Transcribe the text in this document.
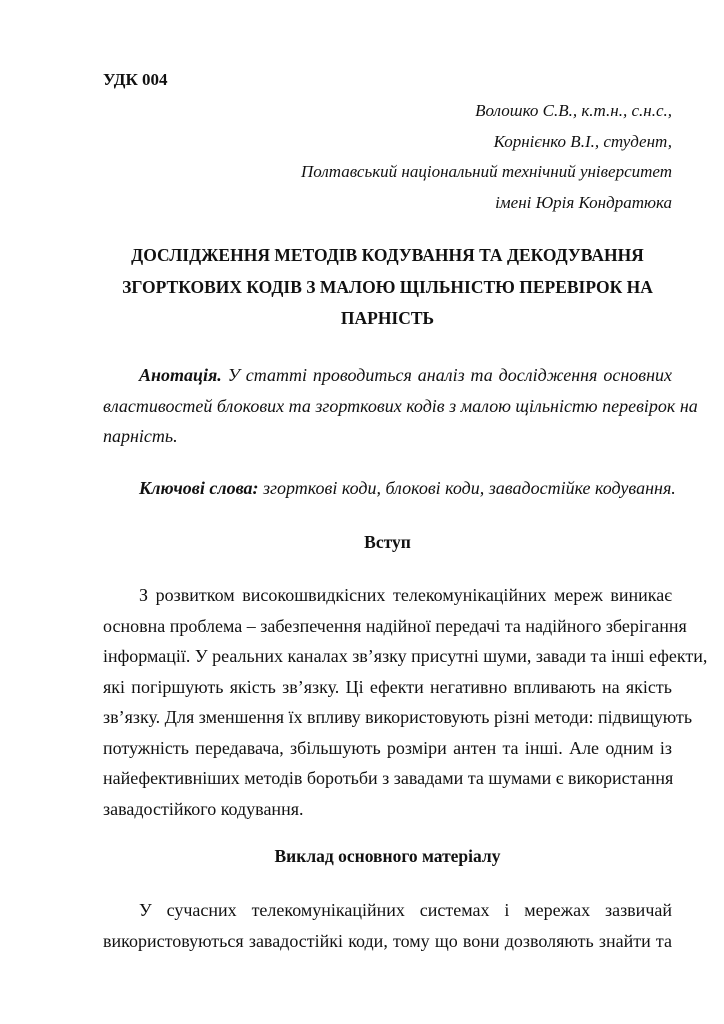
УДК 004
Волошко С.В., к.т.н., с.н.с.,
Корнієнко В.І., студент,
Полтавський національний технічний університет
імені Юрія Кондратюка
ДОСЛІДЖЕННЯ МЕТОДІВ КОДУВАННЯ ТА ДЕКОДУВАННЯ
ЗГОРТКОВИХ КОДІВ З МАЛОЮ ЩІЛЬНІСТЮ ПЕРЕВІРОК НА
ПАРНІСТЬ
Анотація. У статті проводиться аналіз та дослідження основних
властивостей блокових та згорткових кодів з малою щільністю перевірок на
парність.
Ключові слова: згорткові коди, блокові коди, завадостійке кодування.
Вступ
З розвитком високошвидкісних телекомунікаційних мереж виникає
основна проблема – забезпечення надійної передачі та надійного зберігання
інформації. У реальних каналах зв’язку присутні шуми, завади та інші ефекти,
які погіршують якість зв’язку. Ці ефекти негативно впливають на якість
зв’язку. Для зменшення їх впливу використовують різні методи: підвищують
потужність передавача, збільшують розміри антен та інші. Але одним із
найефективніших методів боротьби з завадами та шумами є використання
завадостійкого кодування.
Виклад основного матеріалу
У сучасних телекомунікаційних системах і мережах зазвичай
використовуються завадостійкі коди, тому що вони дозволяють знайти та
